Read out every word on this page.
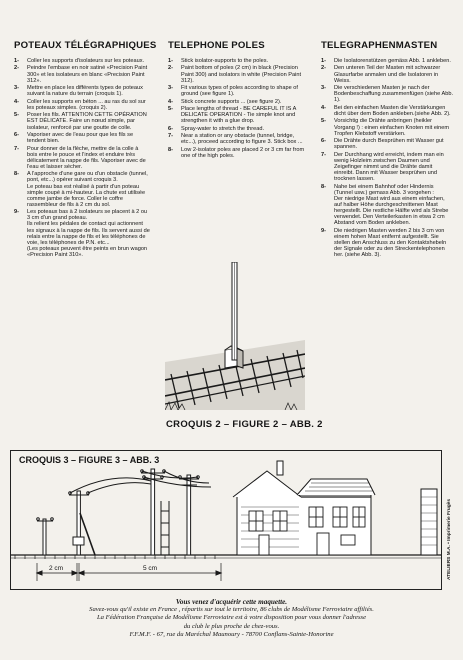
POTEAUX TÉLÉGRAPHIQUES
1-	Coller les supports d'isolateurs sur les poteaux.
2-	Peindre l'embase en noir satiné «Precision Paint 300» et les isolateurs en blanc «Precision Paint 312».
3-	Mettre en place les différents types de poteaux suivant la nature du terrain (croquis 1).
4-	Coller les supports en béton ... au ras du sol sur les poteaux simples. (croquis 2).
5-	Poser les fils. ATTENTION CETTE OPÉRATION EST DÉLICATE. Faire un nœud simple, par isolateur, renforcé par une goutte de colle.
6-	Vaporiser avec de l'eau pour que les fils se tendent bien.
7-	Pour donner de la flèche, mettre de la colle à bois entre le pouce et l'index et enduire très délicatement la nappe de fils. Vaporiser avec de l'eau et laisser sécher.
8-	A l'approche d'une gare ou d'un obstacle (tunnel, pont, etc...) opérer suivant croquis 3.
Le poteau bas est réalisé à partir d'un poteau simple coupé à mi-hauteur. La chute est utilisée comme jambe de force. Coller le coffre rassembleur de fils à 2 cm du sol.
9-	Les poteaux bas à 2 isolateurs se placent à 2 ou 3 cm d'un grand poteau.
Ils relient les pédales de contact qui actionnent les signaux à la nappe de fils. Ils servent aussi de relais entre la nappe de fils et les téléphones de voie, les téléphones de P.N. etc...
(Les poteaux peuvent être peints en brun wagon «Precision Paint 310».
TELEPHONE POLES
1-	Stick isolator-supports to the poles.
2-	Paint bottom of poles (2 cm) in black (Precision Paint 300) and isolators in white (Precision Paint 312).
3-	Fit various types of poles according to shape of ground (see figure 1).
4-	Stick concrete supports ... (see figure 2).
5-	Place lengths of thread - BE CAREFUL IT IS A DELICATE OPERATION - Tie simple knot and strengthen it with a glue drop.
6-	Spray-water to stretch the thread.
7-	Near a station or any obstacle (tunnel, bridge, etc...), proceed according to figure 3. Stick box ...
8-	Low 2-isolator poles are placed 2 or 3 cm far from one of the high poles.
TELEGRAPHENMASTEN
1-	Die Isolatorenstützen gemäss Abb. 1 ankleben.
2-	Den unteren Teil der Masten mit schwarzer Glasurfarbe anmalen und die Isolatoren in Weiss.
3-	Die verschiedenen Masten je nach der Bodenbeschaffung zusammenfügen (siehe Abb. 1).
4-	Bei den einfachen Masten die Verstärkungen dicht über dem Boden ankleben.(siehe Abb. 2).
5-	Vorsichtig die Drähte anbringen (heikler Vorgang !) : einen einfachen Knoten mit einem Tropfen Klebstoff verstärken.
6-	Die Drähte durch Besprühen mit Wasser gut spannen.
7-	Der Durchhang wird erreicht, indem man ein wenig Holzleim zwischen Daumen und Zeigefinger nimmt und die Drähte damit einreibt. Dann mit Wasser besprühen und trocknen lassen.
8-	Nahe bei einem Bahnhof oder Hindernis (Tunnel usw.) gemass Abb. 3 vorgehen :
Der niedrige Mast wird aus einem einfachen, auf halber Höhe durchgeschnittenen Mast hergestellt. Die restliche Hälfte wird als Strebe verwendet. Den Verteilerkasten in etwa 2 cm Abstand vom Boden ankleben.
9-	Die niedrigen Masten werden 2 bis 3 cm von einem hohen Mast entfernt aufgestellt. Sie stellen den Anschluss zu den Kontaktshebeln der Signale oder zu den Streckentelephonen her. (siehe Abb. 3).
CROQUIS 2 – FIGURE 2 – ABB. 2
2 cm	5 cm
CROQUIS 3 – FIGURE 3 – ABB. 3
ATELIERS M.A. • Imprimerie Frugès

Vous venez d'acquérir cette maquette.

Savez-vous qu'il existe en France , répartis sur tout le territoire, 86 clubs de Modélisme Ferroviaire affiliés.

La Fédération Française de Modélisme Ferroviaire est à votre disposition pour vous donner l'adresse

du club le plus proche de chez-vous.

F.F.M.F. - 67, rue du Maréchal Maunoury - 78700 Conflans-Sainte-Honorine
